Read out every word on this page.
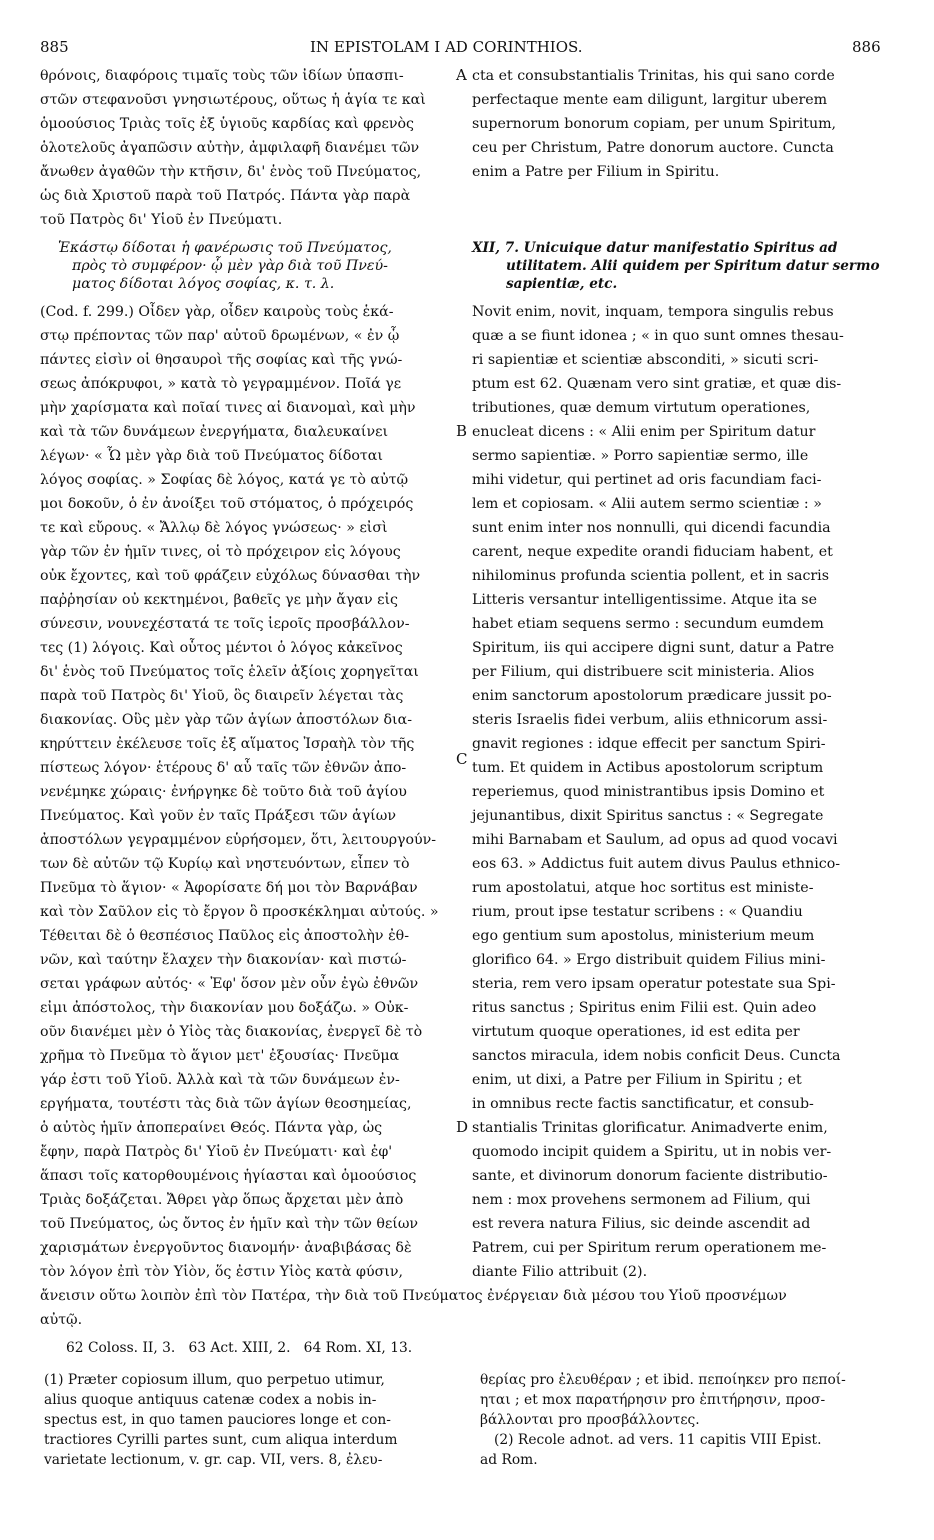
885	IN EPISTOLAM I AD CORINTHIOS.	886
θρόνοις, διαφόροις τιμαῖς τοὺς τῶν ἰδίων ὑπασπι-
στῶν στεφανοῦσι γνησιωτέρους, οὕτως ἡ ἁγία τε καὶ
ὁμοούσιος Τριὰς τοῖς ἐξ ὑγιοῦς καρδίας καὶ φρενὸς
ὁλοτελοῦς ἀγαπῶσιν αὐτὴν, ἀμφιλαφῆ διανέμει τῶν
ἄνωθεν ἀγαθῶν τὴν κτῆσιν, δι' ἑνὸς τοῦ Πνεύματος,
ὡς διὰ Χριστοῦ παρὰ τοῦ Πατρός. Πάντα γὰρ παρὰ
τοῦ Πατρὸς δι' Υἱοῦ ἐν Πνεύματι.
Ἑκάστῳ δίδοται ἡ φανέρωσις τοῦ Πνεύματος,
πρὸς τὸ συμφέρον· ᾧ μὲν γὰρ διὰ τοῦ Πνεύ-
ματος δίδοται λόγος σοφίας, κ. τ. λ.
(Cod. f. 299.) Οἶδεν γὰρ, οἶδεν καιροὺς τοὺς ἑκά-
στῳ πρέποντας τῶν παρ' αὐτοῦ δρωμένων, « ἐν ᾧ
πάντες εἰσὶν οἱ θησαυροὶ τῆς σοφίας καὶ τῆς γνώ-
σεως ἀπόκρυφοι, » κατὰ τὸ γεγραμμένον. Ποῖά γε
μὴν χαρίσματα καὶ ποῖαί τινες αἱ διανομαὶ, καὶ μὴν
καὶ τὰ τῶν δυνάμεων ἐνεργήματα, διαλευκαίνει
λέγων· « Ὧ μὲν γὰρ διὰ τοῦ Πνεύματος δίδοται
λόγος σοφίας. » Σοφίας δὲ λόγος, κατά γε τὸ αὐτῷ
μοι δοκοῦν, ὁ ἐν ἀνοίξει τοῦ στόματος, ὁ πρόχειρός
τε καὶ εὔρους. « Ἄλλῳ δὲ λόγος γνώσεως· » εἰσὶ
γὰρ τῶν ἐν ἡμῖν τινες, οἱ τὸ πρόχειρον εἰς λόγους
οὐκ ἔχοντες, καὶ τοῦ φράζειν εὐχόλως δύνασθαι τὴν
παῤῥησίαν οὐ κεκτημένοι, βαθεῖς γε μὴν ἄγαν εἰς
σύνεσιν, νουνεχέστατά τε τοῖς ἱεροῖς προσβάλλον-
τες (1) λόγοις. Καὶ οὗτος μέντοι ὁ λόγος κἀκεῖνος
δι' ἑνὸς τοῦ Πνεύματος τοῖς ἑλεῖν ἀξίοις χορηγεῖται
παρὰ τοῦ Πατρὸς δι' Υἱοῦ, ὃς διαιρεῖν λέγεται τὰς
διακονίας. Οὓς μὲν γὰρ τῶν ἁγίων ἀποστόλων δια-
κηρύττειν ἐκέλευσε τοῖς ἐξ αἵματος Ἰσραὴλ τὸν τῆς
πίστεως λόγον· ἑτέρους δ' αὖ ταῖς τῶν ἐθνῶν ἀπο-
νενέμηκε χώραις· ἐνήργηκε δὲ τοῦτο διὰ τοῦ ἁγίου
Πνεύματος. Καὶ γοῦν ἐν ταῖς Πράξεσι τῶν ἁγίων
ἀποστόλων γεγραμμένον εὑρήσομεν, ὅτι, λειτουργούν-
των δὲ αὐτῶν τῷ Κυρίῳ καὶ νηστευόντων, εἶπεν τὸ
Πνεῦμα τὸ ἅγιον· « Ἀφορίσατε δή μοι τὸν Βαρνάβαν
καὶ τὸν Σαῦλον εἰς τὸ ἔργον ὃ προσκέκλημαι αὐτούς. »
Τέθειται δὲ ὁ θεσπέσιος Παῦλος εἰς ἀποστολὴν ἐθ-
νῶν, καὶ ταύτην ἔλαχεν τὴν διακονίαν· καὶ πιστώ-
σεται γράφων αὐτός· « Ἐφ' ὅσον μὲν οὖν ἐγὼ ἐθνῶν
εἰμι ἀπόστολος, τὴν διακονίαν μου δοξάζω. » Οὐκ-
οῦν διανέμει μὲν ὁ Υἱὸς τὰς διακονίας, ἐνεργεῖ δὲ τὸ
χρῆμα τὸ Πνεῦμα τὸ ἅγιον μετ' ἐξουσίας· Πνεῦμα
γάρ ἐστι τοῦ Υἱοῦ. Ἀλλὰ καὶ τὰ τῶν δυνάμεων ἐν-
εργήματα, τουτέστι τὰς διὰ τῶν ἁγίων θεοσημείας,
ὁ αὐτὸς ἡμῖν ἀποπεραίνει Θεός. Πάντα γὰρ, ὡς
ἔφην, παρὰ Πατρὸς δι' Υἱοῦ ἐν Πνεύματι· καὶ ἐφ'
ἅπασι τοῖς κατορθουμένοις ἡγίασται καὶ ὁμοούσιος
Τριὰς δοξάζεται. Ἄθρει γὰρ ὅπως ἄρχεται μὲν ἀπὸ
τοῦ Πνεύματος, ὡς ὄντος ἐν ἡμῖν καὶ τὴν τῶν θείων
χαρισμάτων ἐνεργοῦντος διανομήν· ἀναβιβάσας δὲ
τὸν λόγον ἐπὶ τὸν Υἱὸν, ὅς ἐστιν Υἱὸς κατὰ φύσιν,
ἄνεισιν οὕτω λοιπὸν ἐπὶ τὸν Πατέρα, τὴν διὰ τοῦ Πνεύματος ἐνέργειαν διὰ μέσου του Υἱοῦ προσνέμων
αὐτῷ.
A
B
C
D
cta et consubstantialis Trinitas, his qui sano corde
perfectaque mente eam diligunt, largitur uberem
supernorum bonorum copiam, per unum Spiritum,
ceu per Christum, Patre donorum auctore. Cuncta
enim a Patre per Filium in Spiritu.
XII, 7. Unicuique datur manifestatio Spiritus ad
utilitatem. Alii quidem per Spiritum datur sermo
sapientiæ, etc.
Novit enim, novit, inquam, tempora singulis rebus
quæ a se fiunt idonea ; « in quo sunt omnes thesau-
ri sapientiæ et scientiæ absconditi, » sicuti scri-
ptum est 62. Quænam vero sint gratiæ, et quæ dis-
tributiones, quæ demum virtutum operationes,
enucleat dicens : « Alii enim per Spiritum datur
sermo sapientiæ. » Porro sapientiæ sermo, ille
mihi videtur, qui pertinet ad oris facundiam faci-
lem et copiosam. « Alii autem sermo scientiæ : »
sunt enim inter nos nonnulli, qui dicendi facundia
carent, neque expedite orandi fiduciam habent, et
nihilominus profunda scientia pollent, et in sacris
Litteris versantur intelligentissime. Atque ita se
habet etiam sequens sermo : secundum eumdem
Spiritum, iis qui accipere digni sunt, datur a Patre
per Filium, qui distribuere scit ministeria. Alios
enim sanctorum apostolorum prædicare jussit po-
steris Israelis fidei verbum, aliis ethnicorum assi-
gnavit regiones : idque effecit per sanctum Spiri-
tum. Et quidem in Actibus apostolorum scriptum
reperiemus, quod ministrantibus ipsis Domino et
jejunantibus, dixit Spiritus sanctus : « Segregate
mihi Barnabam et Saulum, ad opus ad quod vocavi
eos 63. » Addictus fuit autem divus Paulus ethnico-
rum apostolatui, atque hoc sortitus est ministe-
rium, prout ipse testatur scribens : « Quandiu
ego gentium sum apostolus, ministerium meum
glorifico 64. » Ergo distribuit quidem Filius mini-
steria, rem vero ipsam operatur potestate sua Spi-
ritus sanctus ; Spiritus enim Filii est. Quin adeo
virtutum quoque operationes, id est edita per
sanctos miracula, idem nobis conficit Deus. Cuncta
enim, ut dixi, a Patre per Filium in Spiritu ; et
in omnibus recte factis sanctificatur, et consub-
stantialis Trinitas glorificatur. Animadverte enim,
quomodo incipit quidem a Spiritu, ut in nobis ver-
sante, et divinorum donorum faciente distributio-
nem : mox provehens sermonem ad Filium, qui
est revera natura Filius, sic deinde ascendit ad
Patrem, cui per Spiritum rerum operationem me-
diante Filio attribuit (2).
62 Coloss. II, 3.   63 Act. XIII, 2.   64 Rom. XI, 13.
(1) Præter copiosum illum, quo perpetuo utimur,
alius quoque antiquus catenæ codex a nobis in-
spectus est, in quo tamen pauciores longe et con-
tractiores Cyrilli partes sunt, cum aliqua interdum
varietate lectionum, v. gr. cap. VII, vers. 8, ἐλευ-
θερίας pro ἐλευθέραν ; et ibid. πεποίηκεν pro πεποί-
ηται ; et mox παρατήρησιν pro ἐπιτήρησιν, προσ-
βάλλονται pro προσβάλλοντες.
(2) Recole adnot. ad vers. 11 capitis VIII Epist.
ad Rom.
